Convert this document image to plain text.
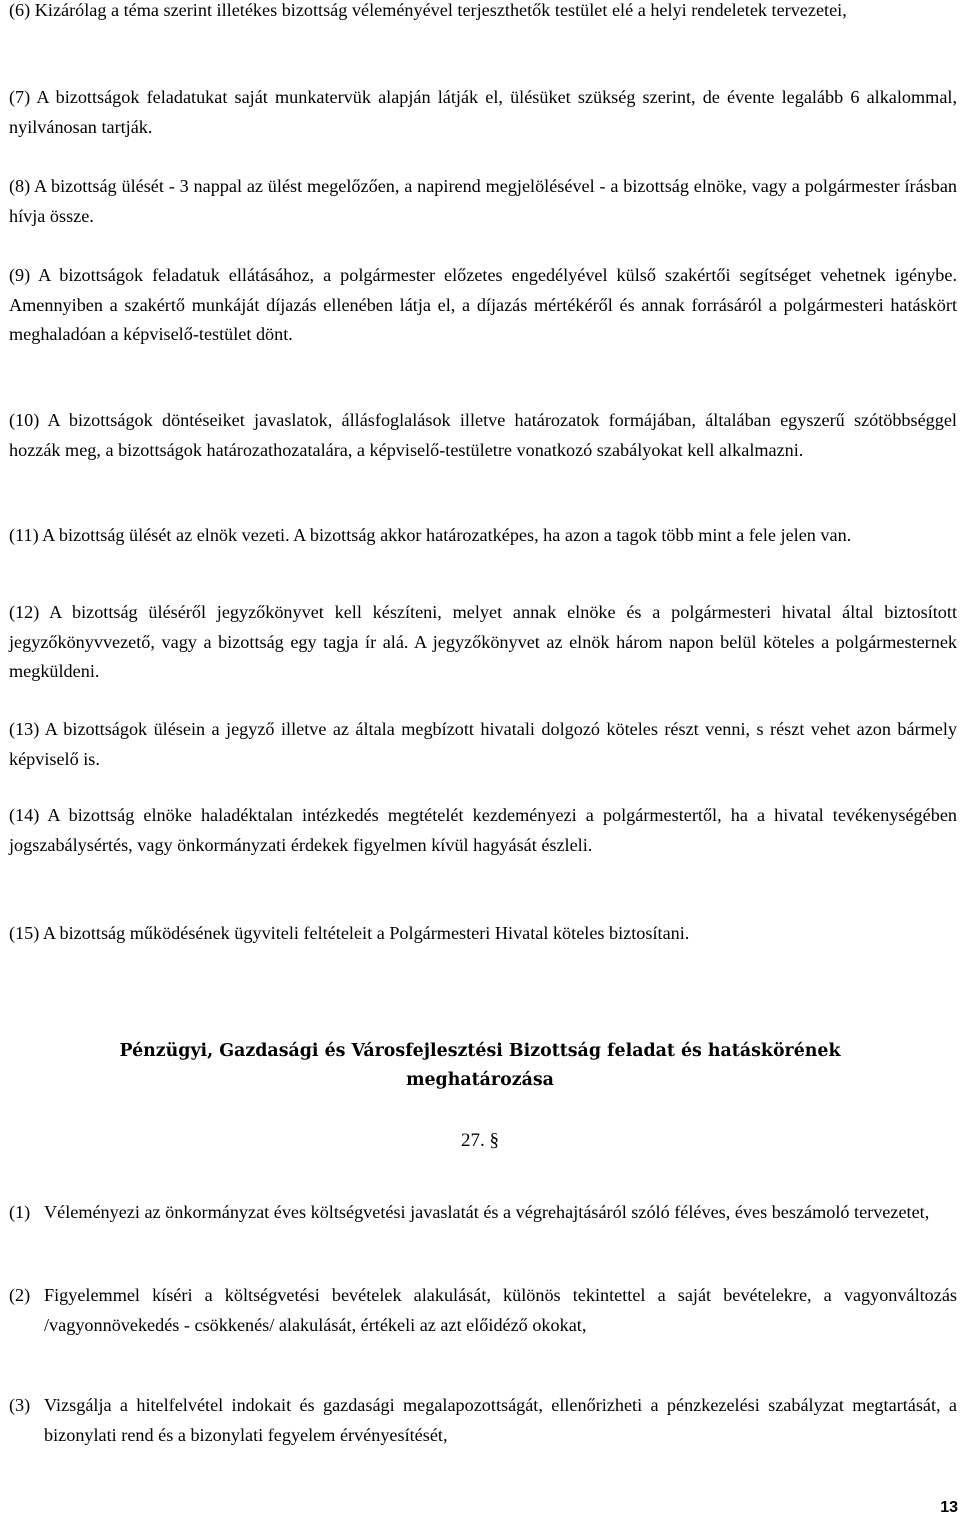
(6) Kizárólag a téma szerint illetékes bizottság véleményével terjeszthetők testület elé a helyi rendeletek tervezetei,

(7) A bizottságok feladatukat saját munkatervük alapján látják el, ülésüket szükség szerint, de évente legalább 6 alkalommal, nyilvánosan tartják.

(8) A bizottság ülését - 3 nappal az ülést megelőzően, a napirend megjelölésével - a bizottság elnöke, vagy a polgármester írásban hívja össze.

(9) A bizottságok feladatuk ellátásához, a polgármester előzetes engedélyével külső szakértői segítséget vehetnek igénybe. Amennyiben a szakértő munkáját díjazás ellenében látja el, a díjazás mértékéről és annak forrásáról a polgármesteri hatáskört meghaladóan a képviselő-testület dönt.

(10) A bizottságok döntéseiket javaslatok, állásfoglalások illetve határozatok formájában, általában egyszerű szótöbbséggel hozzák meg, a bizottságok határozathozatalára, a képviselő-testületre vonatkozó szabályokat kell alkalmazni.

(11) A bizottság ülését az elnök vezeti. A bizottság akkor határozatképes, ha azon a tagok több mint a fele jelen van.

(12) A bizottság üléséről jegyzőkönyvet kell készíteni, melyet annak elnöke és a polgármesteri hivatal által biztosított jegyzőkönyvvezető, vagy a bizottság egy tagja ír alá. A jegyzőkönyvet az elnök három napon belül köteles a polgármesternek megküldeni.

(13) A bizottságok ülésein a jegyző illetve az általa megbízott hivatali dolgozó köteles részt venni, s részt vehet azon bármely képviselő is.

(14) A bizottság elnöke haladéktalan intézkedés megtételét kezdeményezi a polgármestertől, ha a hivatal tevékenységében jogszabálysértés, vagy önkormányzati érdekek figyelmen kívül hagyását észleli.

(15) A bizottság működésének ügyviteli feltételeit a Polgármesteri Hivatal köteles biztosítani.

Pénzügyi, Gazdasági és Városfejlesztési Bizottság feladat és hatáskörének meghatározása

27. §
(1) Véleményezi az önkormányzat éves költségvetési javaslatát és a végrehajtásáról szóló féléves, éves beszámoló tervezetet,
(2) Figyelemmel kíséri a költségvetési bevételek alakulását, különös tekintettel a saját bevételekre, a vagyonváltozás /vagyonnövekedés - csökkenés/ alakulását, értékeli az azt előidéző okokat,
(3) Vizsgálja a hitelfelvétel indokait és gazdasági megalapozottságát, ellenőrizheti a pénzkezelési szabályzat megtartását, a bizonylati rend és a bizonylati fegyelem érvényesítését,
13
